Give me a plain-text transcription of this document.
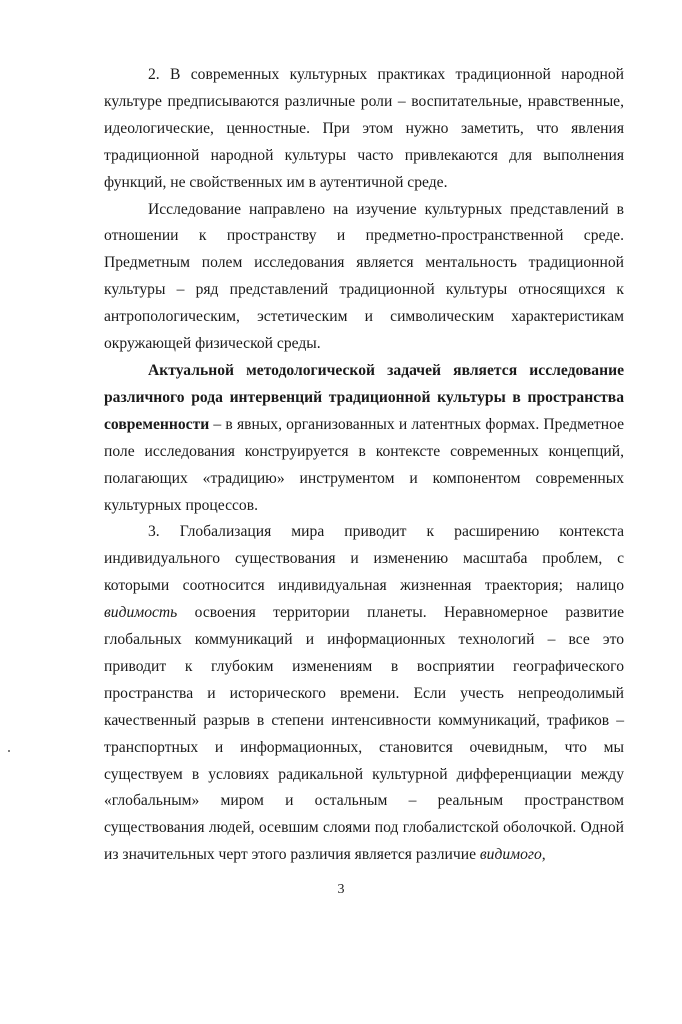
2. В современных культурных практиках традиционной народной культуре предписываются различные роли – воспитательные, нравственные, идеологические, ценностные. При этом нужно заметить, что явления традиционной народной культуры часто привлекаются для выполнения функций, не свойственных им в аутентичной среде.

Исследование направлено на изучение культурных представлений в отношении к пространству и предметно-пространственной среде. Предметным полем исследования является ментальность традиционной культуры – ряд представлений традиционной культуры относящихся к антропологическим, эстетическим и символическим характеристикам окружающей физической среды.

Актуальной методологической задачей является исследование различного рода интервенций традиционной культуры в пространства современности – в явных, организованных и латентных формах. Предметное поле исследования конструируется в контексте современных концепций, полагающих «традицию» инструментом и компонентом современных культурных процессов.

3. Глобализация мира приводит к расширению контекста индивидуального существования и изменению масштаба проблем, с которыми соотносится индивидуальная жизненная траектория; налицо видимость освоения территории планеты. Неравномерное развитие глобальных коммуникаций и информационных технологий – все это приводит к глубоким изменениям в восприятии географического пространства и исторического времени. Если учесть непреодолимый качественный разрыв в степени интенсивности коммуникаций, трафиков – транспортных и информационных, становится очевидным, что мы существуем в условиях радикальной культурной дифференциации между «глобальным» миром и остальным – реальным пространством существования людей, осевшим слоями под глобалистской оболочкой. Одной из значительных черт этого различия является различие видимого,

3
